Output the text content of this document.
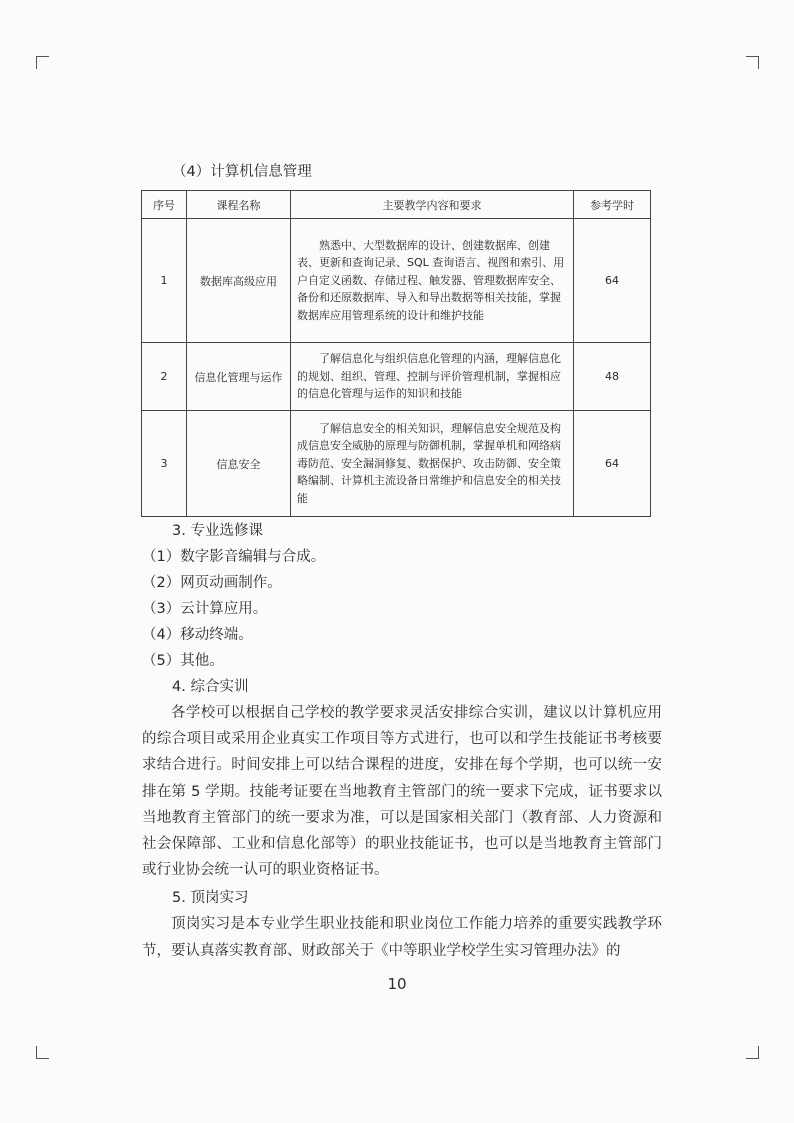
（4）计算机信息管理
序号	课程名称	主要教学内容和要求	参考学时
1	数据库高级应用	熟悉中、大型数据库的设计、创建数据库、创建表、更新和查询记录、SQL 查询语言、视图和索引、用户自定义函数、存储过程、触发器、管理数据库安全、备份和还原数据库、导入和导出数据等相关技能，掌握数据库应用管理系统的设计和维护技能	64
2	信息化管理与运作	了解信息化与组织信息化管理的内涵，理解信息化的规划、组织、管理、控制与评价管理机制，掌握相应的信息化管理与运作的知识和技能	48
3	信息安全	了解信息安全的相关知识，理解信息安全规范及构成信息安全威胁的原理与防御机制，掌握单机和网络病毒防范、安全漏洞修复、数据保护、攻击防御、安全策略编制、计算机主流设备日常维护和信息安全的相关技能	64
3. 专业选修课
（1）数字影音编辑与合成。
（2）网页动画制作。
（3）云计算应用。
（4）移动终端。
（5）其他。
4. 综合实训
各学校可以根据自己学校的教学要求灵活安排综合实训，建议以计算机应用的综合项目或采用企业真实工作项目等方式进行，也可以和学生技能证书考核要求结合进行。时间安排上可以结合课程的进度，安排在每个学期，也可以统一安排在第 5 学期。技能考证要在当地教育主管部门的统一要求下完成，证书要求以当地教育主管部门的统一要求为准，可以是国家相关部门（教育部、人力资源和社会保障部、工业和信息化部等）的职业技能证书，也可以是当地教育主管部门或行业协会统一认可的职业资格证书。
5. 顶岗实习
顶岗实习是本专业学生职业技能和职业岗位工作能力培养的重要实践教学环节，要认真落实教育部、财政部关于《中等职业学校学生实习管理办法》的
10
